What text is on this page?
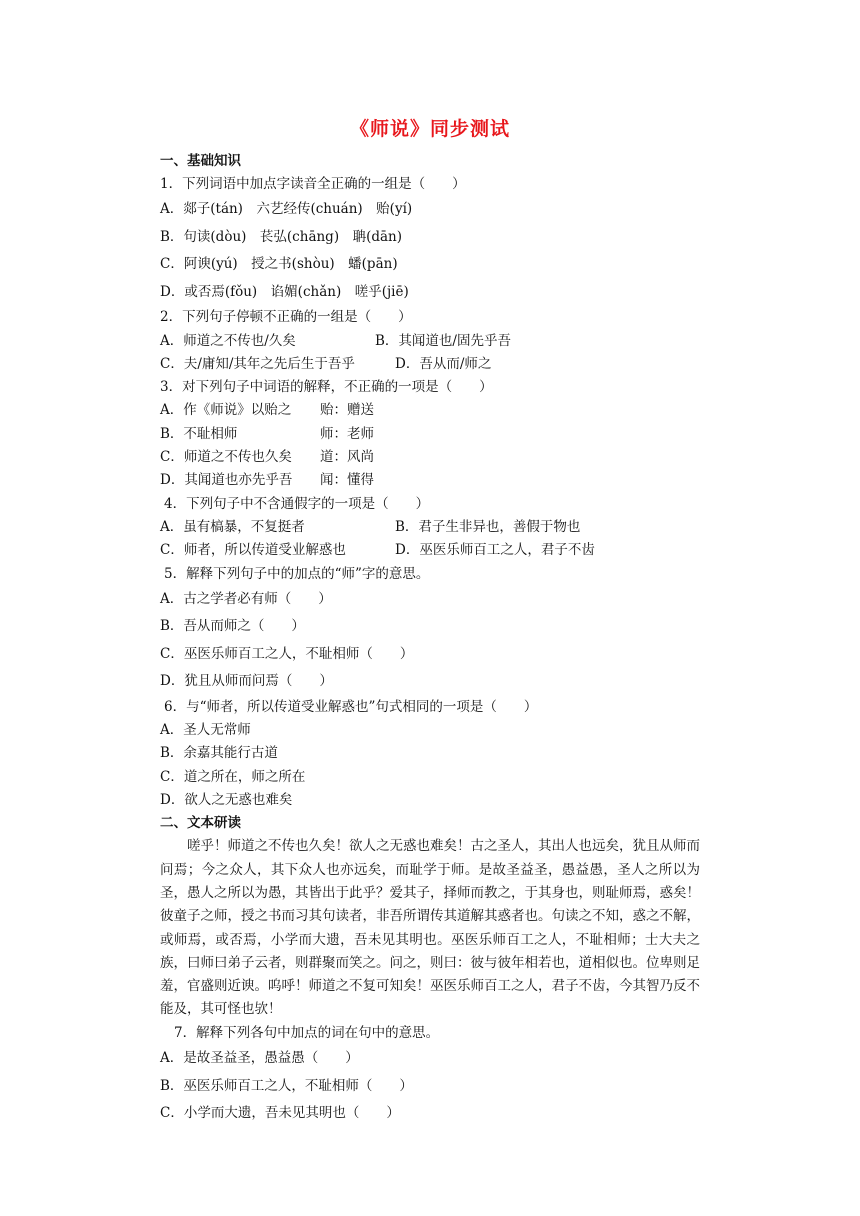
《师说》同步测试
一、基础知识
1．下列词语中加点字读音全正确的一组是（　　）
A．郯子(tán)　六艺经传(chuán)　贻(yí)
B．句读(dòu)　苌弘(chāng)　聃(dān)
C．阿谀(yú)　授之书(shòu)　蟠(pān)
D．或否焉(fǒu)　谄媚(chǎn)　嗟乎(jiē)
2．下列句子停顿不正确的一组是（　　）
A．师道之不传也/久矣	B．其闻道也/固先乎吾
C．夫/庸知/其年之先后生于吾乎	D．吾从而/师之
3．对下列句子中词语的解释，不正确的一项是（　　）
A．作《师说》以贻之 贻：赠送
B．不耻相师	师：老师
C．师道之不传也久矣 道：风尚
D．其闻道也亦先乎吾 闻：懂得
4．下列句子中不含通假字的一项是（　　）
A．虽有槁暴，不复挺者	B．君子生非异也，善假于物也
C．师者，所以传道受业解惑也	D．巫医乐师百工之人，君子不齿
5．解释下列句子中的加点的“师”字的意思。
A．古之学者必有师（　　）
B．吾从而师之（　　）
C．巫医乐师百工之人，不耻相师（　　）
D．犹且从师而问焉（　　）
6．与“师者，所以传道受业解惑也”句式相同的一项是（　　）
A．圣人无常师
B．余嘉其能行古道
C．道之所在，师之所在
D．欲人之无惑也难矣
二、文本研读
嗟乎！师道之不传也久矣！欲人之无惑也难矣！古之圣人，其出人也远矣，犹且从师而问焉；今之众人，其下众人也亦远矣，而耻学于师。是故圣益圣，愚益愚，圣人之所以为圣，愚人之所以为愚，其皆出于此乎？爱其子，择师而教之，于其身也，则耻师焉，惑矣！彼童子之师，授之书而习其句读者，非吾所谓传其道解其惑者也。句读之不知，惑之不解，或师焉，或否焉，小学而大遗，吾未见其明也。巫医乐师百工之人，不耻相师；士大夫之族，曰师曰弟子云者，则群聚而笑之。问之，则曰：彼与彼年相若也，道相似也。位卑则足羞，官盛则近谀。呜呼！师道之不复可知矣！巫医乐师百工之人，君子不齿，今其智乃反不能及，其可怪也欤！
7．解释下列各句中加点的词在句中的意思。
A．是故圣益圣，愚益愚（　　）
B．巫医乐师百工之人，不耻相师（　　）
C．小学而大遗，吾未见其明也（　　）
